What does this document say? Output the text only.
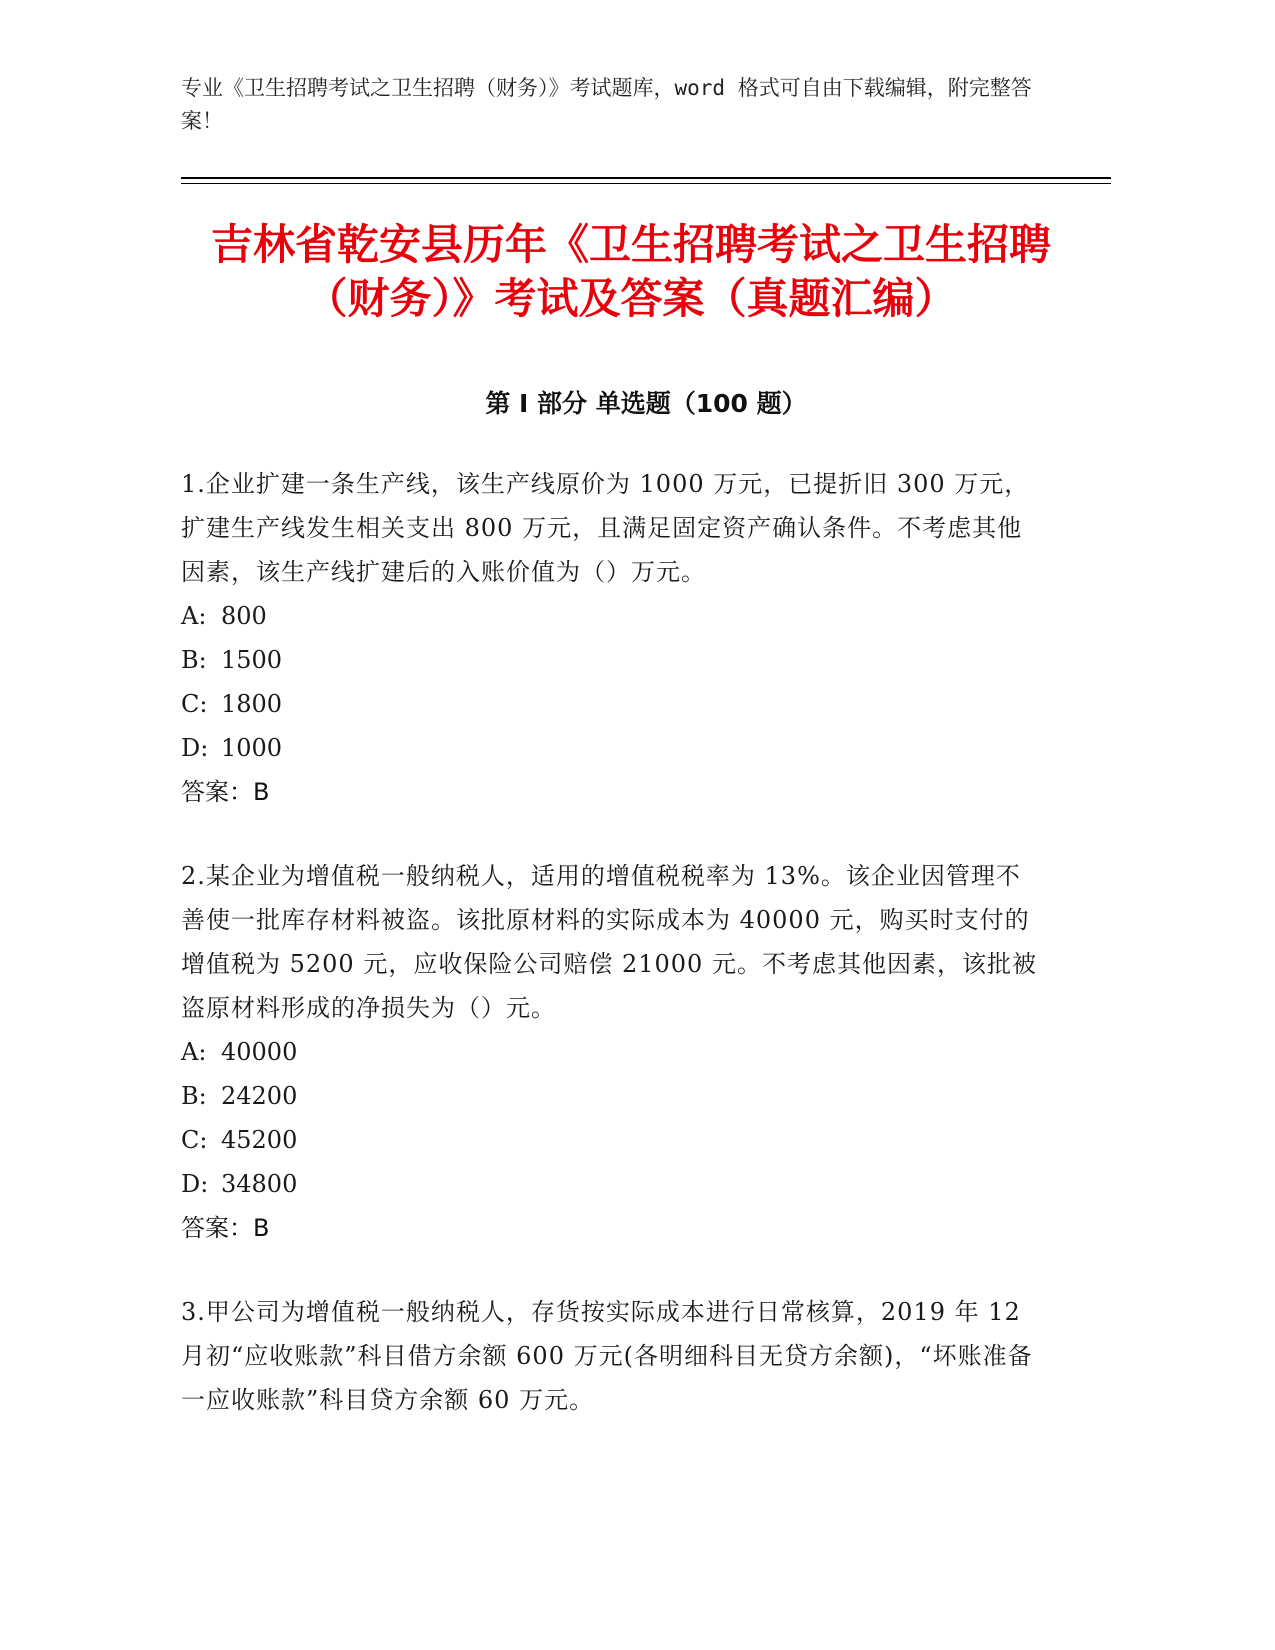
专业《卫生招聘考试之卫生招聘（财务）》考试题库，word 格式可自由下载编辑，附完整答案！
吉林省乾安县历年《卫生招聘考试之卫生招聘（财务）》考试及答案（真题汇编）
第 I 部分 单选题（100 题）
1.企业扩建一条生产线，该生产线原价为 1000 万元，已提折旧 300 万元，扩建生产线发生相关支出 800 万元，且满足固定资产确认条件。不考虑其他因素，该生产线扩建后的入账价值为（）万元。
A: 800
B: 1500
C: 1800
D: 1000
答案：B
2.某企业为增值税一般纳税人，适用的增值税税率为 13%。该企业因管理不善使一批库存材料被盗。该批原材料的实际成本为 40000 元，购买时支付的增值税为 5200 元，应收保险公司赔偿 21000 元。不考虑其他因素，该批被盗原材料形成的净损失为（）元。
A: 40000
B: 24200
C: 45200
D: 34800
答案：B
3.甲公司为增值税一般纳税人，存货按实际成本进行日常核算，2019 年 12 月初“应收账款”科目借方余额 600 万元(各明细科目无贷方余额)，“坏账准备一应收账款”科目贷方余额 60 万元。
